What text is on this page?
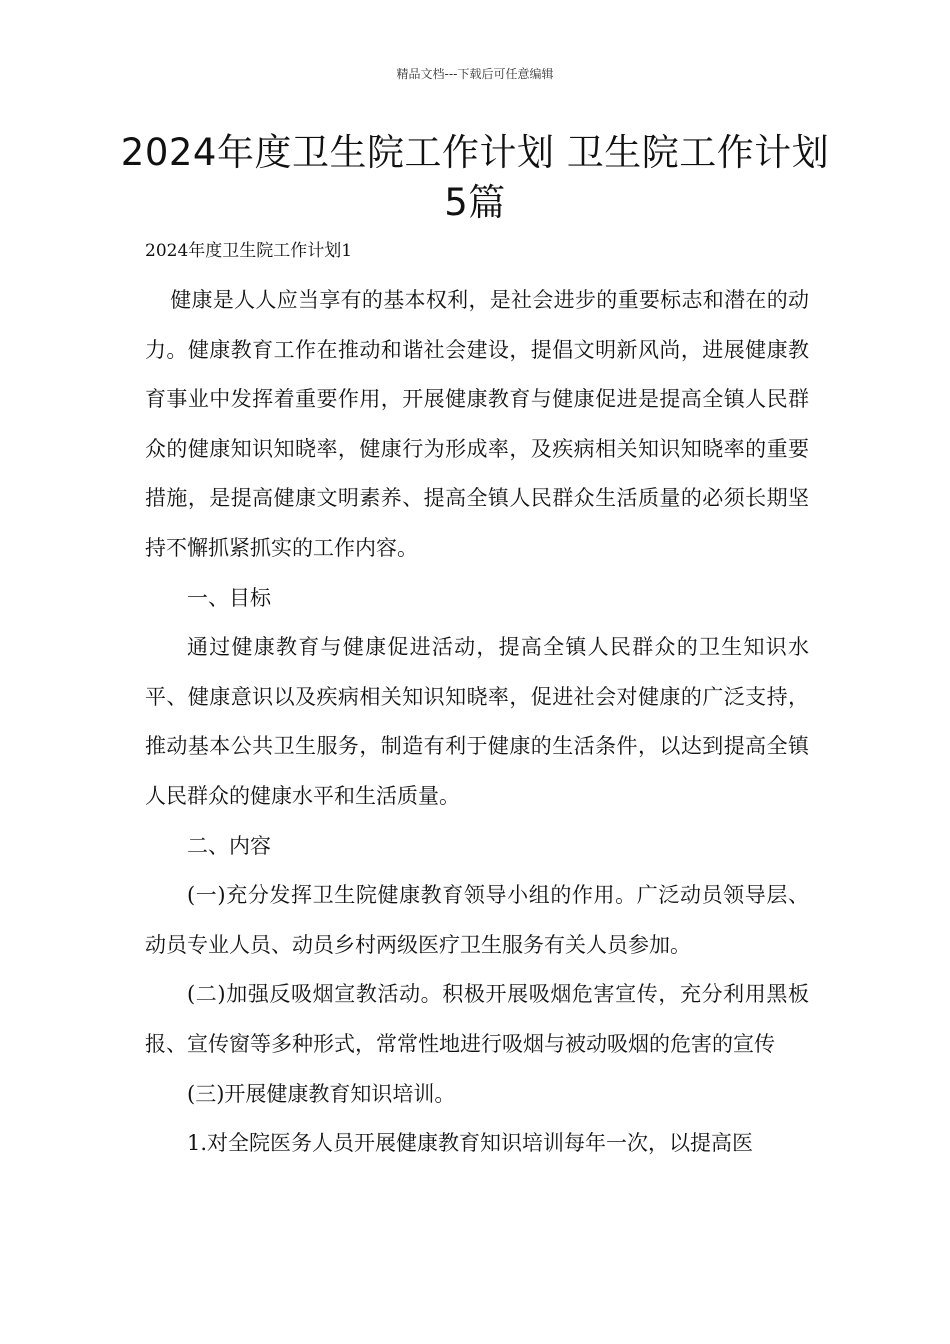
精品文档---下载后可任意编辑
2024年度卫生院工作计划 卫生院工作计划5篇
2024年度卫生院工作计划1

健康是人人应当享有的基本权利，是社会进步的重要标志和潜在的动力。健康教育工作在推动和谐社会建设，提倡文明新风尚，进展健康教育事业中发挥着重要作用，开展健康教育与健康促进是提高全镇人民群众的健康知识知晓率，健康行为形成率，及疾病相关知识知晓率的重要措施，是提高健康文明素养、提高全镇人民群众生活质量的必须长期坚持不懈抓紧抓实的工作内容。

一、目标

通过健康教育与健康促进活动，提高全镇人民群众的卫生知识水平、健康意识以及疾病相关知识知晓率，促进社会对健康的广泛支持，推动基本公共卫生服务，制造有利于健康的生活条件，以达到提高全镇人民群众的健康水平和生活质量。

二、内容

(一)充分发挥卫生院健康教育领导小组的作用。广泛动员领导层、动员专业人员、动员乡村两级医疗卫生服务有关人员参加。

(二)加强反吸烟宣教活动。积极开展吸烟危害宣传，充分利用黑板报、宣传窗等多种形式，常常性地进行吸烟与被动吸烟的危害的宣传

(三)开展健康教育知识培训。

1.对全院医务人员开展健康教育知识培训每年一次，以提高医
